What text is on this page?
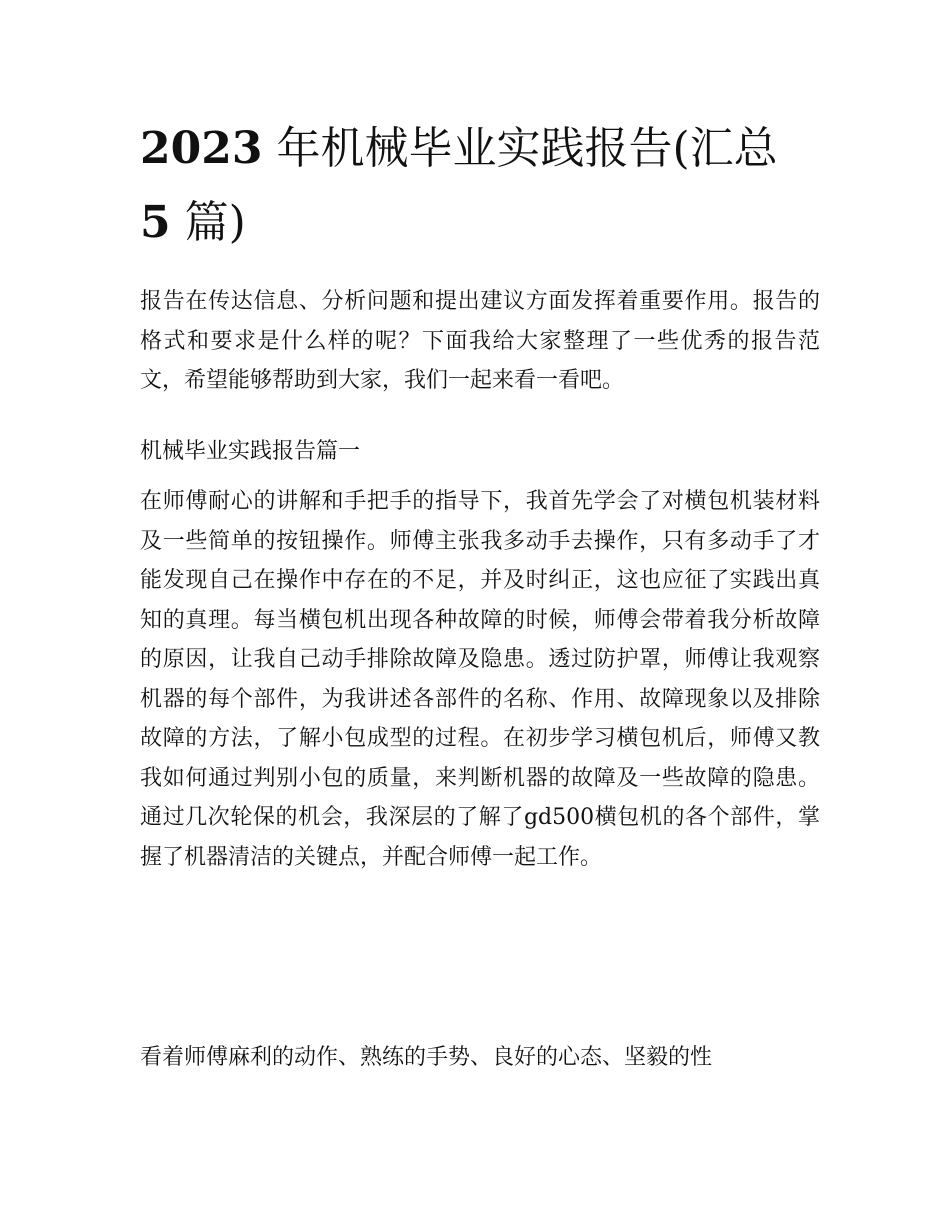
2023 年机械毕业实践报告(汇总 5 篇)

报告在传达信息、分析问题和提出建议方面发挥着重要作用。报告的格式和要求是什么样的呢？下面我给大家整理了一些优秀的报告范文，希望能够帮助到大家，我们一起来看一看吧。

机械毕业实践报告篇一

在师傅耐心的讲解和手把手的指导下，我首先学会了对横包机装材料及一些简单的按钮操作。师傅主张我多动手去操作，只有多动手了才能发现自己在操作中存在的不足，并及时纠正，这也应征了实践出真知的真理。每当横包机出现各种故障的时候，师傅会带着我分析故障的原因，让我自己动手排除故障及隐患。透过防护罩，师傅让我观察机器的每个部件，为我讲述各部件的名称、作用、故障现象以及排除故障的方法，了解小包成型的过程。在初步学习横包机后，师傅又教我如何通过判别小包的质量，来判断机器的故障及一些故障的隐患。通过几次轮保的机会，我深层的了解了gd500横包机的各个部件，掌握了机器清洁的关键点，并配合师傅一起工作。

看着师傅麻利的动作、熟练的手势、良好的心态、坚毅的性
